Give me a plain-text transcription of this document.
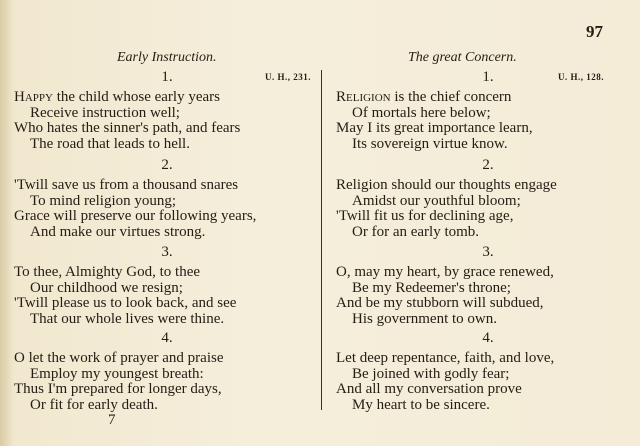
97
Early Instruction.
U. H., 231.
1.
Happy the child whose early years
Receive instruction well;
Who hates the sinner's path, and fears
The road that leads to hell.
2.
'Twill save us from a thousand snares
To mind religion young;
Grace will preserve our following years,
And make our virtues strong.
3.
To thee, Almighty God, to thee
Our childhood we resign;
'Twill please us to look back, and see
That our whole lives were thine.
4.
O let the work of prayer and praise
Employ my youngest breath:
Thus I'm prepared for longer days,
Or fit for early death.
The great Concern.
U. H., 128.
1.
Religion is the chief concern
Of mortals here below;
May I its great importance learn,
Its sovereign virtue know.
2.
Religion should our thoughts engage
Amidst our youthful bloom;
'Twill fit us for declining age,
Or for an early tomb.
3.
O, may my heart, by grace renewed,
Be my Redeemer's throne;
And be my stubborn will subdued,
His government to own.
4.
Let deep repentance, faith, and love,
Be joined with godly fear;
And all my conversation prove
My heart to be sincere.
7
